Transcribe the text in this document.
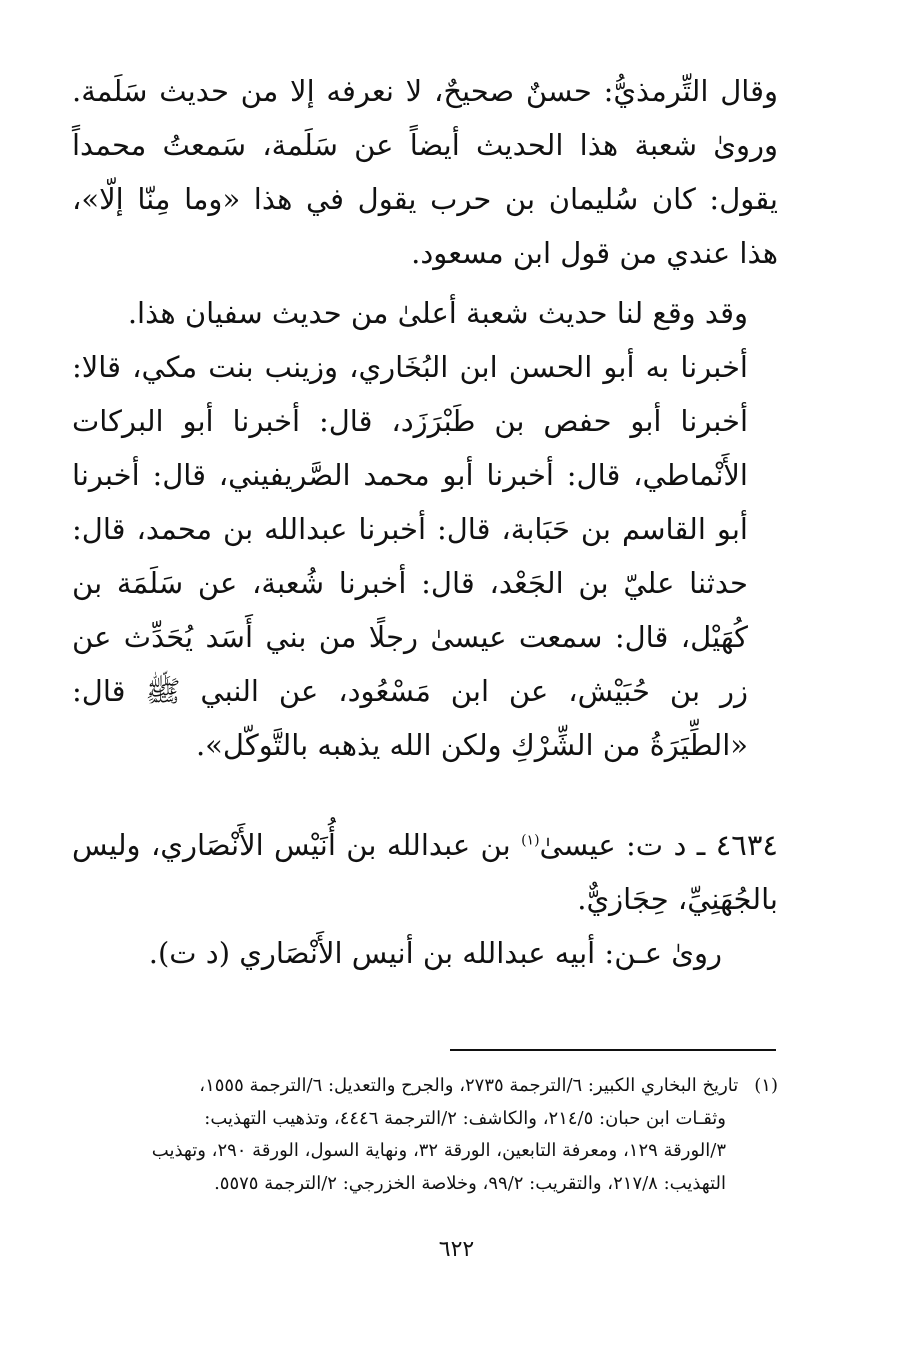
وقال التِّرمذيُّ: حسنٌ صحيحٌ، لا نعرفه إلا من حديث سَلَمة. وروىٰ شعبة هذا الحديث أيضاً عن سَلَمة، سَمعتُ محمداً يقول: كان سُليمان بن حرب يقول في هذا «وما مِنّا إلّا»، هذا عندي من قول ابن مسعود.

وقد وقع لنا حديث شعبة أعلىٰ من حديث سفيان هذا.

أخبرنا به أبو الحسن ابن البُخَاري، وزينب بنت مكي، قالا: أخبرنا أبو حفص بن طَبْرَزَد، قال: أخبرنا أبو البركات الأَنْماطي، قال: أخبرنا أبو محمد الصَّريفيني، قال: أخبرنا أبو القاسم بن حَبَابة، قال: أخبرنا عبدالله بن محمد، قال: حدثنا عليّ بن الجَعْد، قال: أخبرنا شُعبة، عن سَلَمَة بن كُهَيْل، قال: سمعت عيسىٰ رجلًا من بني أَسَد يُحَدِّث عن زر بن حُبَيْش، عن ابن مَسْعُود، عن النبي ﷺ قال: «الطِّيَرَةُ من الشِّرْكِ ولكن الله يذهبه بالتَّوكّل».

٤٦٣٤ ـ د ت: عيسىٰ$^{(١)}$ بن عبدالله بن أُنَيْس الأَنْصَاري، وليس بالجُهَنِيِّ، حِجَازيٌّ.

روىٰ عـن: أبيه عبدالله بن أنيس الأَنْصَاري (د ت).

(١)تاريخ البخاري الكبير: ٦/الترجمة ٢٧٣٥، والجرح والتعديل: ٦/الترجمة ١٥٥٥،

وثقـات ابن حبان: ٢١٤/٥، والكاشف: ٢/الترجمة ٤٤٤٦، وتذهيب التهذيب:

٣/الورقة ١٢٩، ومعرفة التابعين، الورقة ٣٢، ونهاية السول، الورقة ٢٩٠، وتهذيب

التهذيب: ٢١٧/٨، والتقريب: ٩٩/٢، وخلاصة الخزرجي: ٢/الترجمة ٥٥٧٥.

٦٢٢
